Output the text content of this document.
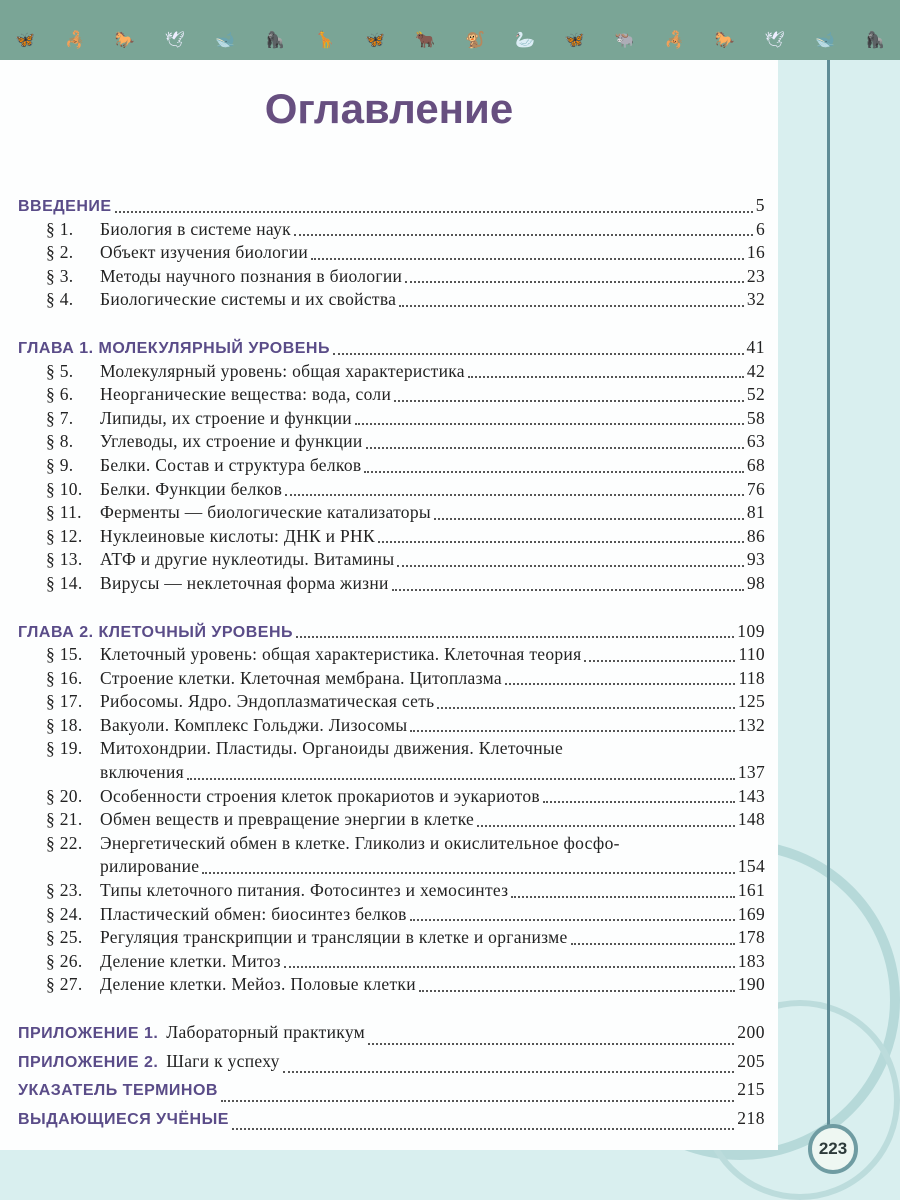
🦋 🦂 🐎 🕊 🐋 🦍 🦒 🦋 🐂 🐒 🦢 🦋 🐃 🦂 🐎 🕊 🐋 🦍
223
Оглавление
ВВЕДЕНИЕ	5
§ 1.	Биология в системе наук	6
§ 2.	Объект изучения биологии	16
§ 3.	Методы научного познания в биологии	23
§ 4.	Биологические системы и их свойства	32
ГЛАВА 1. МОЛЕКУЛЯРНЫЙ УРОВЕНЬ	41
§ 5.	Молекулярный уровень: общая характеристика	42
§ 6.	Неорганические вещества: вода, соли	52
§ 7.	Липиды, их строение и функции	58
§ 8.	Углеводы, их строение и функции	63
§ 9.	Белки. Состав и структура белков	68
§ 10.	Белки. Функции белков	76
§ 11.	Ферменты — биологические катализаторы	81
§ 12.	Нуклеиновые кислоты: ДНК и РНК	86
§ 13.	АТФ и другие нуклеотиды. Витамины	93
§ 14.	Вирусы — неклеточная форма жизни	98
ГЛАВА 2. КЛЕТОЧНЫЙ УРОВЕНЬ	109
§ 15.	Клеточный уровень: общая характеристика. Клеточная теория	110
§ 16.	Строение клетки. Клеточная мембрана. Цитоплазма	118
§ 17.	Рибосомы. Ядро. Эндоплазматическая сеть	125
§ 18.	Вакуоли. Комплекс Гольджи. Лизосомы	132
§ 19.	Митохондрии. Пластиды. Органоиды движения. Клеточные
включения	137
§ 20.	Особенности строения клеток прокариотов и эукариотов	143
§ 21.	Обмен веществ и превращение энергии в клетке	148
§ 22.	Энергетический обмен в клетке. Гликолиз и окислительное фосфо-
рилирование	154
§ 23.	Типы клеточного питания. Фотосинтез и хемосинтез	161
§ 24.	Пластический обмен: биосинтез белков	169
§ 25.	Регуляция транскрипции и трансляции в клетке и организме	178
§ 26.	Деление клетки. Митоз	183
§ 27.	Деление клетки. Мейоз. Половые клетки	190
ПРИЛОЖЕНИЕ 1. Лабораторный практикум	200
ПРИЛОЖЕНИЕ 2. Шаги к успеху	205
УКАЗАТЕЛЬ ТЕРМИНОВ	215
ВЫДАЮЩИЕСЯ УЧЁНЫЕ	218
